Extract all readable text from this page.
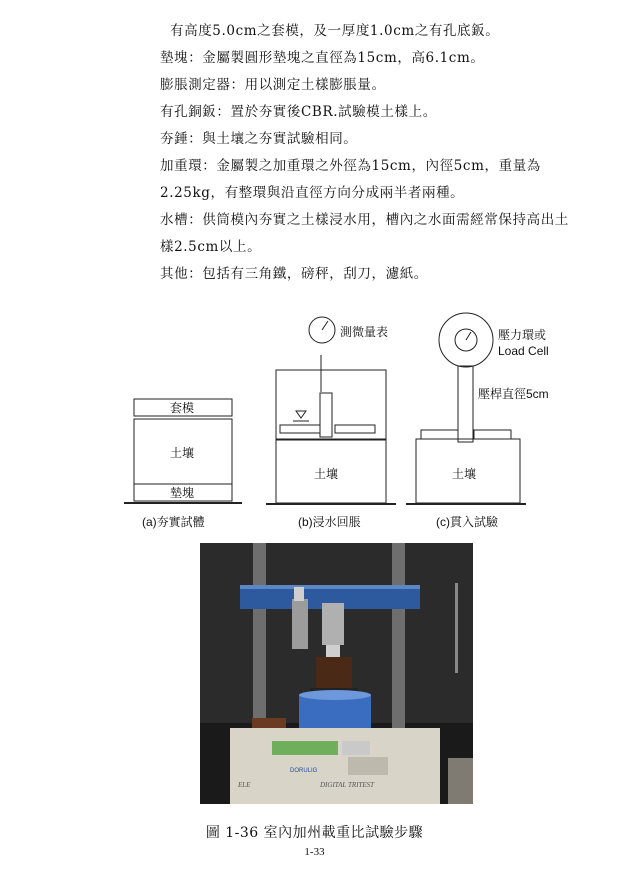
有高度5.0cm之套模，及一厚度1.0cm之有孔底鈑。
墊塊：金屬製圓形墊塊之直徑為15cm，高6.1cm。
膨脹測定器：用以測定土樣膨脹量。
有孔銅鈑：置於夯實後CBR.試驗模土樣上。
夯錘：與土壤之夯實試驗相同。
加重環：金屬製之加重環之外徑為15cm，內徑5cm，重量為
2.25kg，有整環與沿直徑方向分成兩半者兩種。
水槽：供筒模內夯實之土樣浸水用，槽內之水面需經常保持高出土
樣2.5cm以上。
其他：包括有三角鐵，磅秤，刮刀，濾紙。
套模
土壤
墊塊
(a)夯實試體
測微量表
土壤
(b)浸水回脹
壓力環或
Load Cell
壓桿直徑5cm
土壤
(c)貫入試驗
DORULIG
ELE	DIGITAL TRITEST
圖 1-36 室內加州載重比試驗步驟
1-33
